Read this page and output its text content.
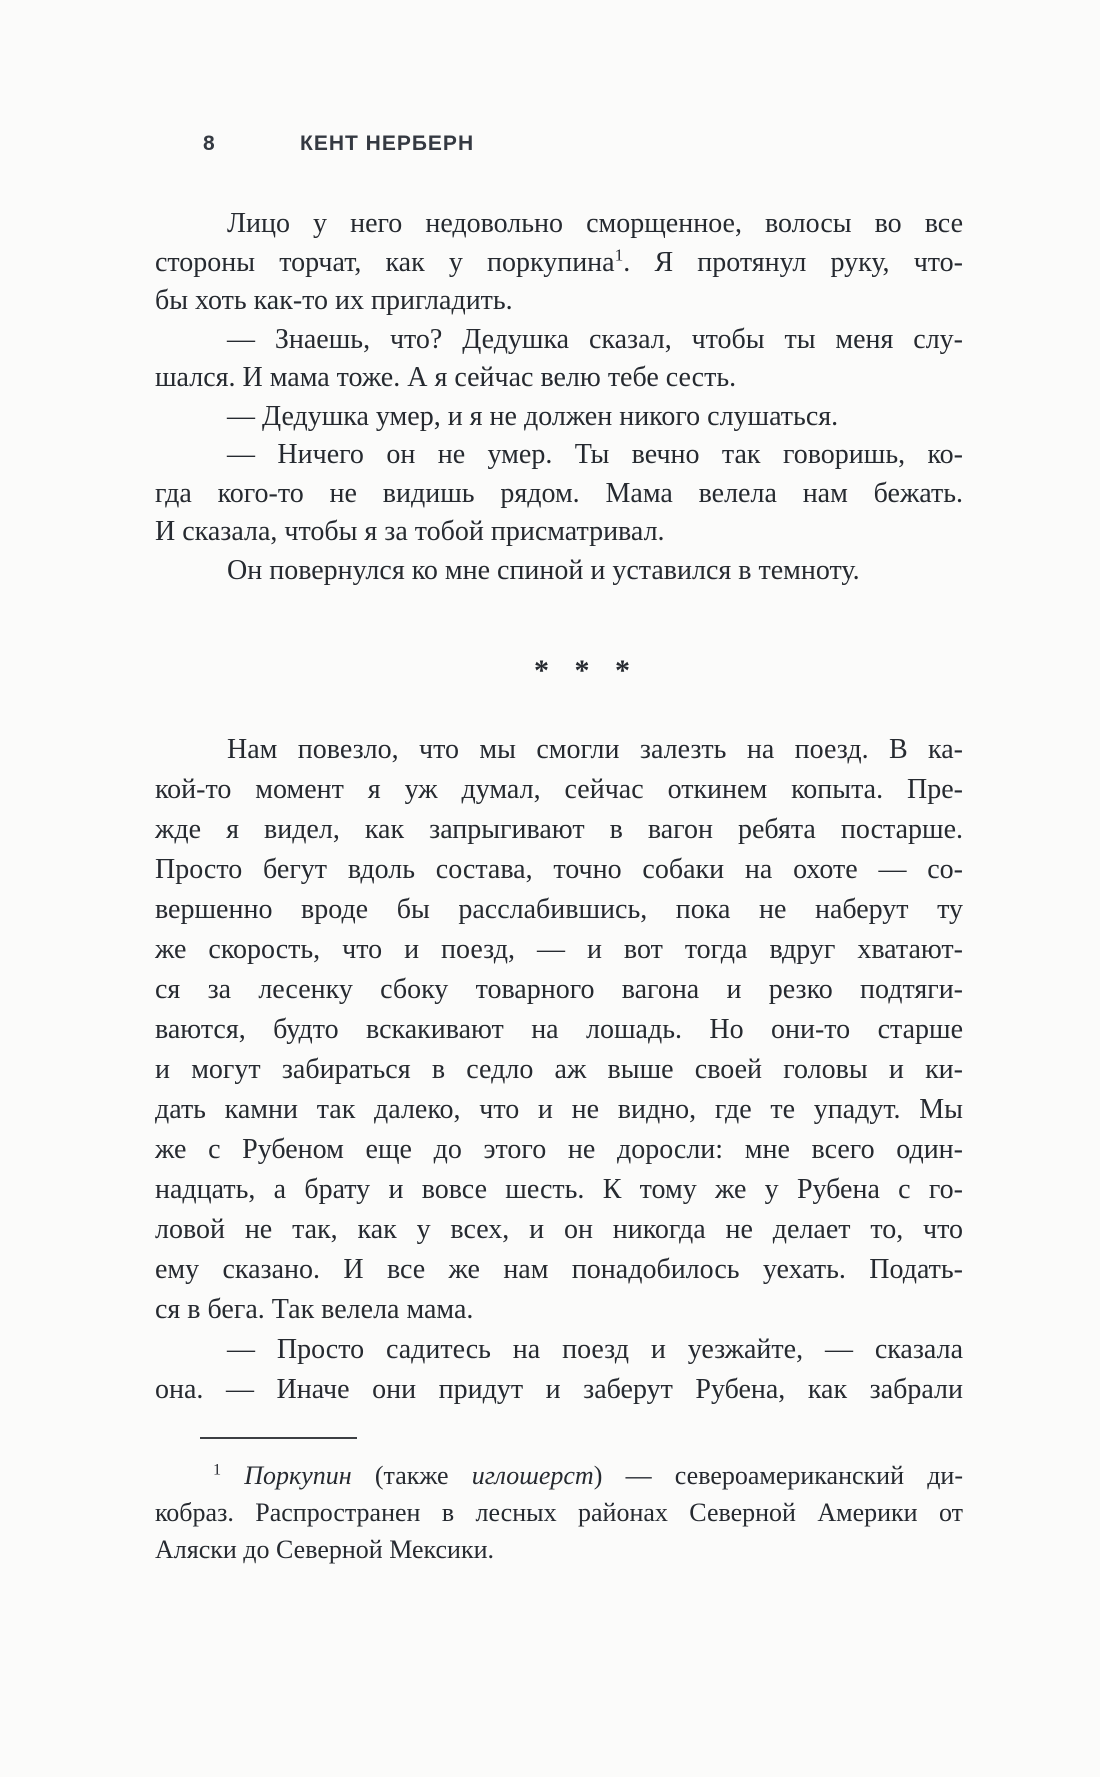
8	КЕНТ НЕРБЕРН
Лицо у него недовольно сморщенное, волосы во все
стороны торчат, как у поркупина$^1$. Я протянул руку, что-
бы хоть как-то их пригладить.
— Знаешь, что? Дедушка сказал, чтобы ты меня слу-
шался. И мама тоже. А я сейчас велю тебе сесть.
— Дедушка умер, и я не должен никого слушаться.
— Ничего он не умер. Ты вечно так говоришь, ко-
гда кого-то не видишь рядом. Мама велела нам бежать.
И сказала, чтобы я за тобой присматривал.
Он повернулся ко мне спиной и уставился в темноту.
* * *
Нам повезло, что мы смогли залезть на поезд. В ка-
кой-то момент я уж думал, сейчас откинем копыта. Пре-
жде я видел, как запрыгивают в вагон ребята постарше.
Просто бегут вдоль состава, точно собаки на охоте — со-
вершенно вроде бы расслабившись, пока не наберут ту
же скорость, что и поезд, — и вот тогда вдруг хватают-
ся за лесенку сбоку товарного вагона и резко подтяги-
ваются, будто вскакивают на лошадь. Но они-то старше
и могут забираться в седло аж выше своей головы и ки-
дать камни так далеко, что и не видно, где те упадут. Мы
же с Рубеном еще до этого не доросли: мне всего один-
надцать, а брату и вовсе шесть. К тому же у Рубена с го-
ловой не так, как у всех, и он никогда не делает то, что
ему сказано. И все же нам понадобилось уехать. Подать-
ся в бега. Так велела мама.
— Просто садитесь на поезд и уезжайте, — сказала
она. — Иначе они придут и заберут Рубена, как забрали
$^1$ Поркупин (также иглошерст) — североамериканский ди-
кобраз. Распространен в лесных районах Северной Америки от
Аляски до Северной Мексики.
